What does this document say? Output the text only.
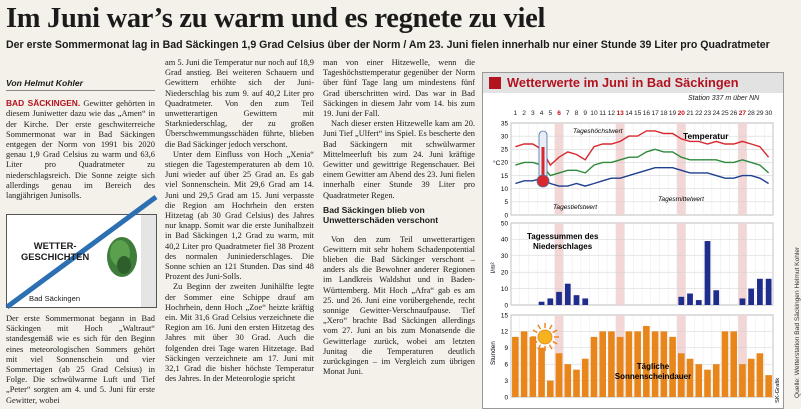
Im Juni war’s zu warm und es regnete zu viel
Der erste Sommermonat lag in Bad Säckingen 1,9 Grad Celsius über der Norm / Am 23. Juni fielen innerhalb nur einer Stunde 39 Liter pro Quadratmeter

Von Helmut Kohler

BAD SÄCKINGEN. Gewitter gehörten in diesem Juniwetter dazu wie das „Amen“ in der Kirche. Der erste geschwiterreiche Sommermonat war in Bad Säckingen entgegen der Norm von 1991 bis 2020 genau 1,9 Grad Celsius zu warm und 63,6 Liter pro Quadratmeter zu niederschlagsreich. Die Sonne zeigte sich allerdings genau im Bereich des langjährigen Junisolls.

WETTER-
GESCHICHTEN
Bad Säckingen

Der erste Sommermonat begann in Bad Säckingen mit Hoch „Waltraut“ standesgemäß wie es sich für den Beginn eines meteorologischen Sommers gehört mit viel Sonnenschein und vier Sommertagen (ab 25 Grad Celsius) in Folge. Die schwülwarme Luft und Tief „Peter“ sorgten am 4. und 5. Juni für erste Gewitter, wobei

am 5. Juni die Temperatur nur noch auf 18,9 Grad anstieg. Bei weiteren Schauern und Gewittern erhöhte sich der Juni-Niederschlag bis zum 9. auf 40,2 Liter pro Quadratmeter. Von den zum Teil unwetterartigen Gewittern mit Starkniederschlag, der zu großen Überschwemmungsschäden führte, blieben die Bad Säckinger jedoch verschont.

Unter dem Einfluss von Hoch „Xenia“ stiegen die Tagestemperaturen ab dem 10. Juni wieder auf über 25 Grad an. Es gab viel Sonnenschein. Mit 29,6 Grad am 14. Juni und 29,5 Grad am 15. Juni verpasste die Region am Hochrhein den ersten Hitzetag (ab 30 Grad Celsius) des Jahres nur knapp. Somit war die erste Junihalbzeit in Bad Säckingen 1,2 Grad zu warm, mit 40,2 Liter pro Quadratmeter fiel 38 Prozent des normalen Juniniederschlages. Die Sonne schien an 121 Stunden. Das sind 48 Prozent des Juni-Solls.

Zu Beginn der zweiten Junihälfte legte der Sommer eine Schippe drauf am Hochrhein, denn Hoch „Zoe“ heizte kräftig ein. Mit 31,6 Grad Celsius verzeichnete die Region am 16. Juni den ersten Hitzetag des Jahres mit über 30 Grad. Auch die folgenden drei Tage waren Hitzetage. Bad Säckingen verzeichnete am 17. Juni mit 32,1 Grad die bisher höchste Temperatur des Jahres. In der Meteorologie spricht

man von einer Hitzewelle, wenn die Tageshöchsttemperatur gegenüber der Norm über fünf Tage lang um mindestens fünf Grad überschritten wird. Das war in Bad Säckingen in diesem Jahr vom 14. bis zum 19. Juni der Fall.

Nach dieser ersten Hitzewelle kam am 20. Juni Tief „Ulfert“ ins Spiel. Es bescherte den Bad Säckingern mit schwülwarmer Mittelmeerluft bis zum 24. Juni kräftige Gewitter und gewittrige Regenschauer. Bei einem Gewitter am Abend des 23. Juni fielen innerhalb einer Stunde 39 Liter pro Quadratmeter Regen.

Bad Säckingen blieb von Unwetterschäden verschont

Von den zum Teil unwetterartigen Gewittern mit sehr hohem Schadenpotential blieben die Bad Säckinger verschont – anders als die Bewohner anderer Regionen im Landkreis Waldshut und in Baden-Württemberg. Mit Hoch „Afra“ gab es am 25. und 26. Juni eine vorübergehende, recht sonnige Gewitter-Verschnaufpause. Tief „Xero“ brachte Bad Säckingen allerdings vom 27. Juni an bis zum Monatsende die Gewitterlage zurück, wobei am letzten Junitag die Temperaturen deutlich zurückgingen – im Vergleich zum übrigen Monat Juni.

Wetterwerte im Juni in Bad Säckingen
Station 337 m über NN
1 2 3 4 5 6 7 8 9 10 11 12 13 14 15 16 17 18 19 20 21 22 23 24 25 26 27 28 29 30
0
5
10
15
20
25
30
35
0
10
20
30
40
50
0
3
6
9
12
15
Temperatur
Tageshöchstwert
Tagesmittelwert
Tagestiefstwert
°C
Tagessummen des
Niederschlages
l/m²
Tägliche
Sonnenscheindauer
Stunden
SK-Grafik Quelle: Wetterstation Bad Säckingen Helmut Kohler
